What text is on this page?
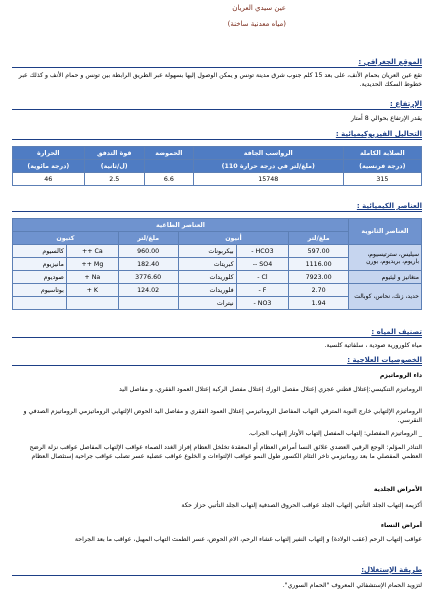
عين سيدي العريان
(مياه معدنية ساخنة)
الموقع الجغرافي :
تقع عين العريان بحمام الأنف، على بعد 15 كلم جنوب شرق مدينة تونس و يمكن الوصول إليها بسهولة عبر الطريق الرابطة بين تونس و حمام الأنف و كذلك عبر خطوط السكك الحديدية.
الإرتفاع :
يقدر الإرتفاع بحوالي 8 أمتار
التحاليل الفيزيوكيميائية :
الصلابة الكاملة	الرواسب الجافة	الحموضة	قوة التدفق	الحرارة
(درجة فرنسية)	(ملغ/لتر في درجة حرارة 110)		(ل/ثانية)	(درجة مائوية)
315	15748	6.6	2.5	46
العناصر الكيميائية :
العناصر الثانوية	العناصر الطاغية					
	ملغ/لتر	أنيون		ملغ/لتر	كتيون	
سيليس، سترتيسيوم، باريوم، بريديوم، بورن	597.00	HCO3 -	بيكربونات	960.00	Ca ++	كالسيوم
	1116.00	SO4 --	كبريتات	182.40	Mg ++	مانيزيوم
منغانيز و ليثيوم	7923.00	Cl -	كلوريدات	3776.60	Na +	صوديوم
حديد، زنك، نحاس، كوبالت	2.70	F -	فلوريدات	124.02	K +	بوتاسيوم
	1.94	NO3 -	نيترات			
تصنيف المياه :
مياه كلورورية صودية ، سلفاتية كلسية.
الخصوصيات العلاجية :
داء الروماتيزم
الروماتيزم التنكيسي:إعتلال قطني عجزي إعتلال مفصل الورك إعتلال مفصل الركبة إعتلال العمود الفقري، و مفاصل اليد
الروماتيزم الإلتهابي خارج النوبة المترقي التهاب المفاصل الروماتيزمي إعتلال العمود الفقري و مفاصل اليد الحوض الإلتهابي الروماتيزمي الروماتيزم الصدفي و النقرسي.
_ الروماتيزم المفصلي: إلتهاب المفصل إلتهاب الأوتار إلتهاب الجراب.
التناذر المؤلم: الوجع الرقبي العضدي علائق النسا أمراض العظام أو المعقدة تخلخل العظام إفراز الغدد الصماء عواقب الإلتهاب المفاصل عواقب نزلة الرضح العظمي المفصلي ما بعد روماتيزمي تاخر التئام الكسور طول النمو عواقب الإلتواءات و الخلوع عواقب عضلية عسر تصلب عواقب جراحية إستئصال العظام
الأمراض الجلدية
أكزيمة إلتهاب الجلد التأتبي إلتهاب الجلد عواقب الحروق الصدفية إلتهاب الجلد التأتبي حزاز حكة
أمراض النساء
عواقب إلتهاب الرحم (عقب الولادة) و إلتهاب النفير إلتهاب غشاء الرحم، الام الحوض، عسر الطمث التهاب المهبل، عواقب ما بعد الجراحة
طريقة الإستغلال:
لتزويد الحمام الإستشفائي المعروف "الحمام السوري".
